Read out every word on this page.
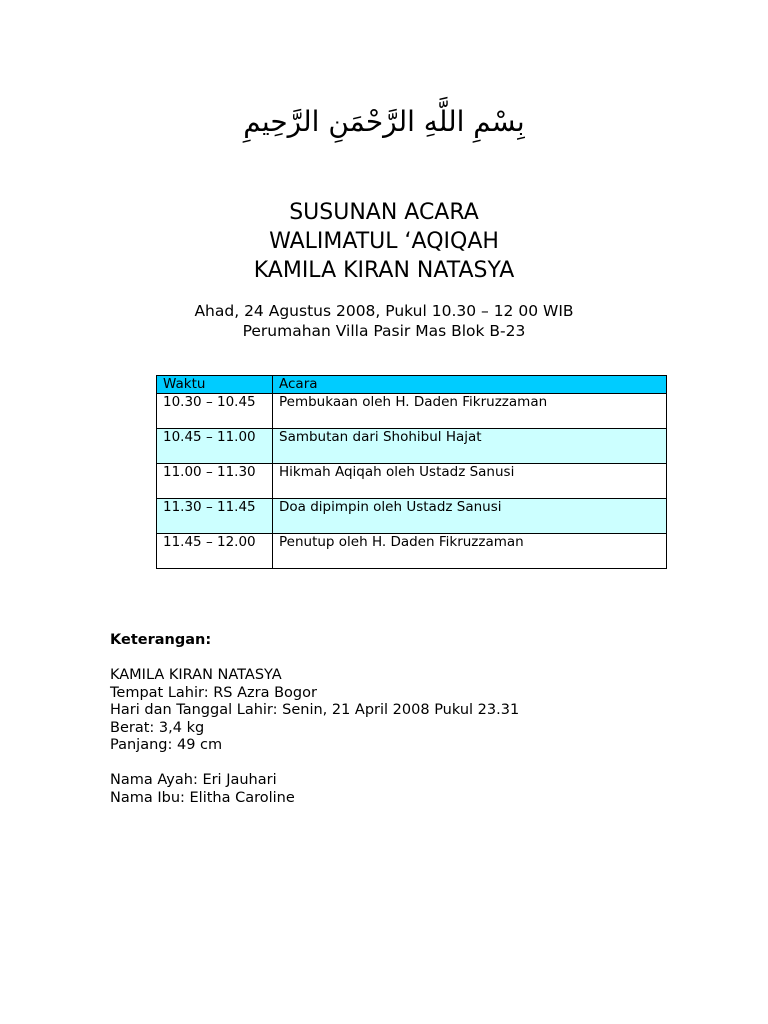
بِسْمِ اللَّهِ الرَّحْمَنِ الرَّحِيمِ
SUSUNAN ACARA
WALIMATUL ‘AQIQAH
KAMILA KIRAN NATASYA
Ahad, 24 Agustus 2008, Pukul 10.30 – 12 00 WIB
Perumahan Villa Pasir Mas Blok B-23
Waktu	Acara
10.30 – 10.45	Pembukaan oleh H. Daden Fikruzzaman
10.45 – 11.00	Sambutan dari Shohibul Hajat
11.00 – 11.30	Hikmah Aqiqah oleh Ustadz Sanusi
11.30 – 11.45	Doa dipimpin oleh Ustadz Sanusi
11.45 – 12.00	Penutup oleh H. Daden Fikruzzaman
Keterangan:
KAMILA KIRAN NATASYA
Tempat Lahir: RS Azra Bogor
Hari dan Tanggal Lahir: Senin, 21 April 2008 Pukul 23.31
Berat: 3,4 kg
Panjang: 49 cm
Nama Ayah: Eri Jauhari
Nama Ibu: Elitha Caroline
